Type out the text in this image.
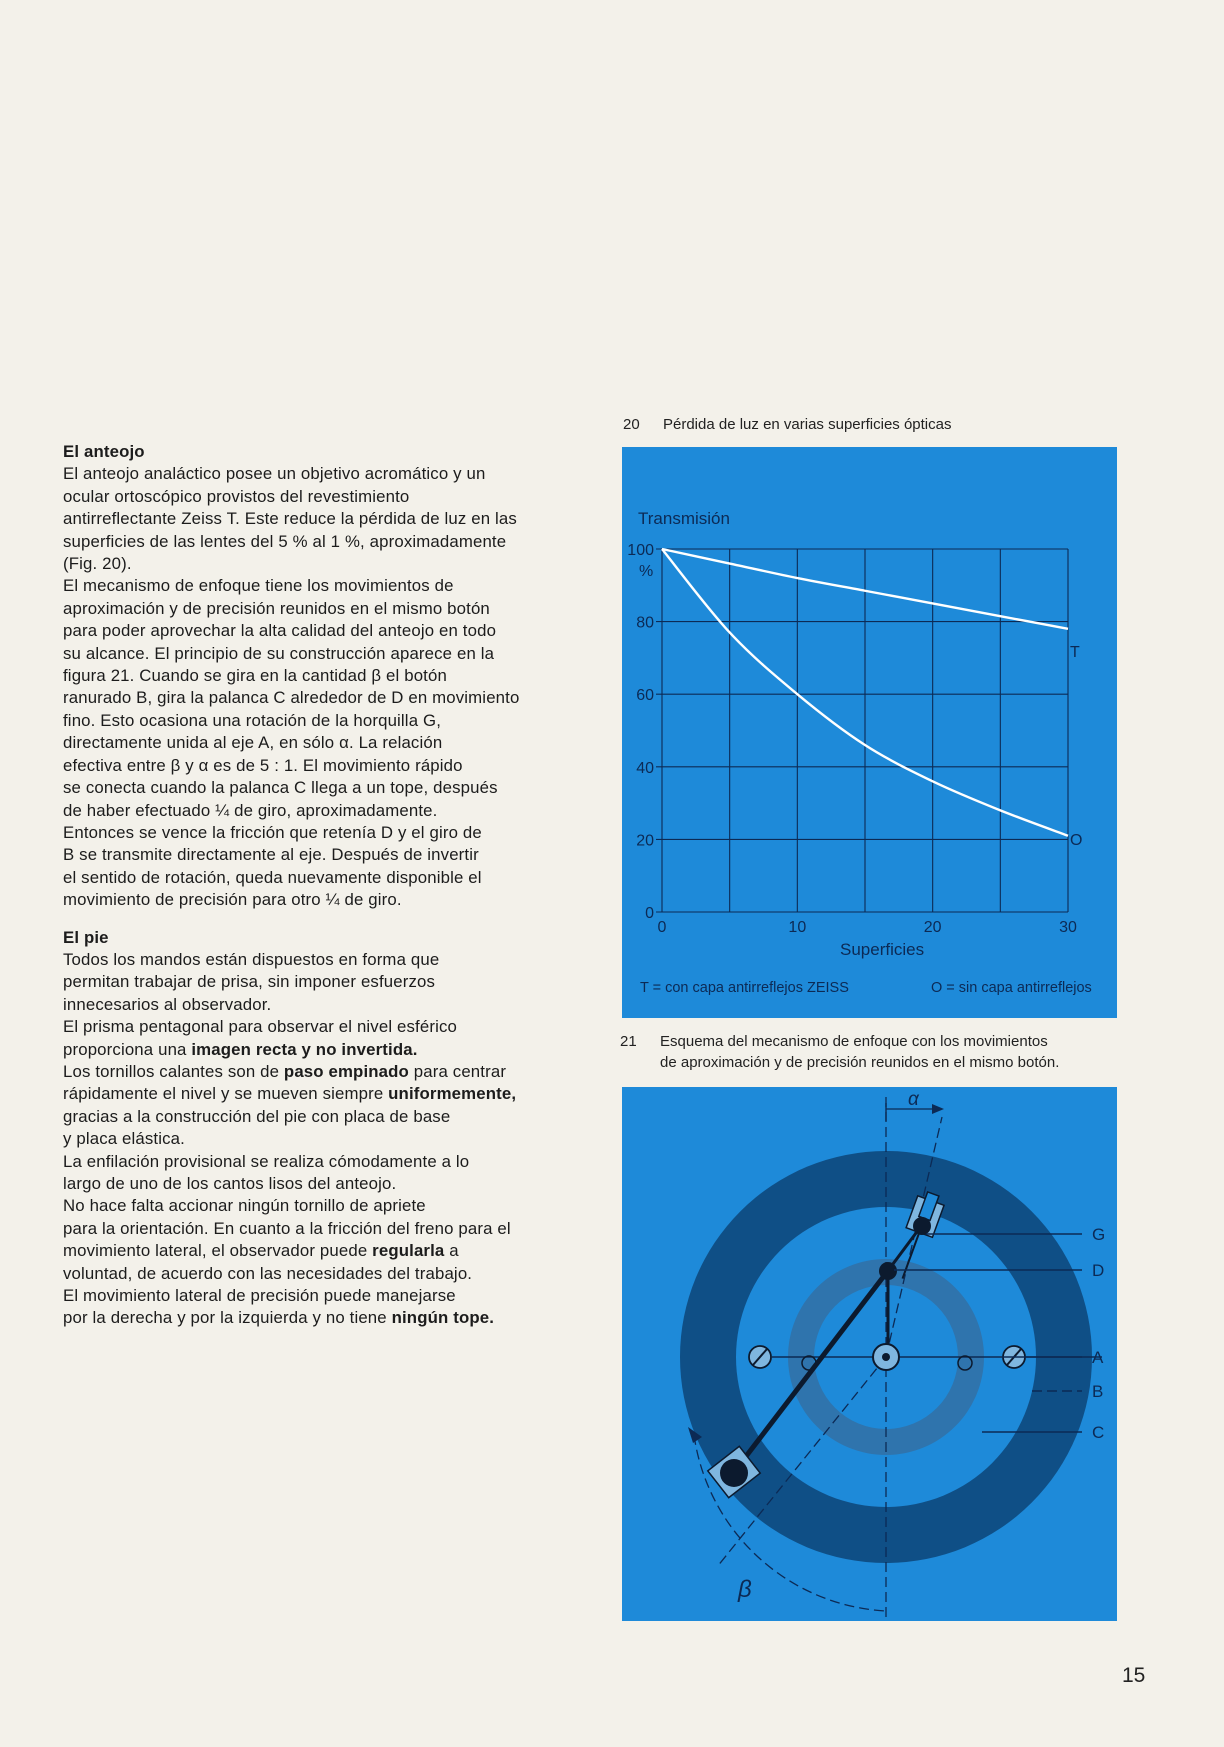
El anteojo

El anteojo analáctico posee un objetivo acromático y un

ocular ortoscópico provistos del revestimiento

antirreflectante Zeiss T. Este reduce la pérdida de luz en las

superficies de las lentes del 5 % al 1 %, aproximadamente

(Fig. 20).

El mecanismo de enfoque tiene los movimientos de

aproximación y de precisión reunidos en el mismo botón

para poder aprovechar la alta calidad del anteojo en todo

su alcance. El principio de su construcción aparece en la

figura 21. Cuando se gira en la cantidad β el botón

ranurado B, gira la palanca C alrededor de D en movimiento

fino. Esto ocasiona una rotación de la horquilla G,

directamente unida al eje A, en sólo α. La relación

efectiva entre β y α es de 5 : 1. El movimiento rápido

se conecta cuando la palanca C llega a un tope, después

de haber efectuado ¼ de giro, aproximadamente.

Entonces se vence la fricción que retenía D y el giro de

B se transmite directamente al eje. Después de invertir

el sentido de rotación, queda nuevamente disponible el

movimiento de precisión para otro ¼ de giro.

El pie

Todos los mandos están dispuestos en forma que

permitan trabajar de prisa, sin imponer esfuerzos

innecesarios al observador.

El prisma pentagonal para observar el nivel esférico

proporciona una imagen recta y no invertida.

Los tornillos calantes son de paso empinado para centrar

rápidamente el nivel y se mueven siempre uniformemente,

gracias a la construcción del pie con placa de base

y placa elástica.

La enfilación provisional se realiza cómodamente a lo

largo de uno de los cantos lisos del anteojo.

No hace falta accionar ningún tornillo de apriete

para la orientación. En cuanto a la fricción del freno para el

movimiento lateral, el observador puede regularla a

voluntad, de acuerdo con las necesidades del trabajo.

El movimiento lateral de precisión puede manejarse

por la derecha y por la izquierda y no tiene ningún tope.

20 Pérdida de luz en varias superficies ópticas
0
20
40
60
80
100
0	10	20	30
Transmisión
%
Superficies
T
O
T = con capa antirreflejos ZEISS	O = sin capa antirreflejos
21 Esquema del mecanismo de enfoque con los movimientos
de aproximación y de precisión reunidos en el mismo botón.
G
D
A
B
C
α
β
15
